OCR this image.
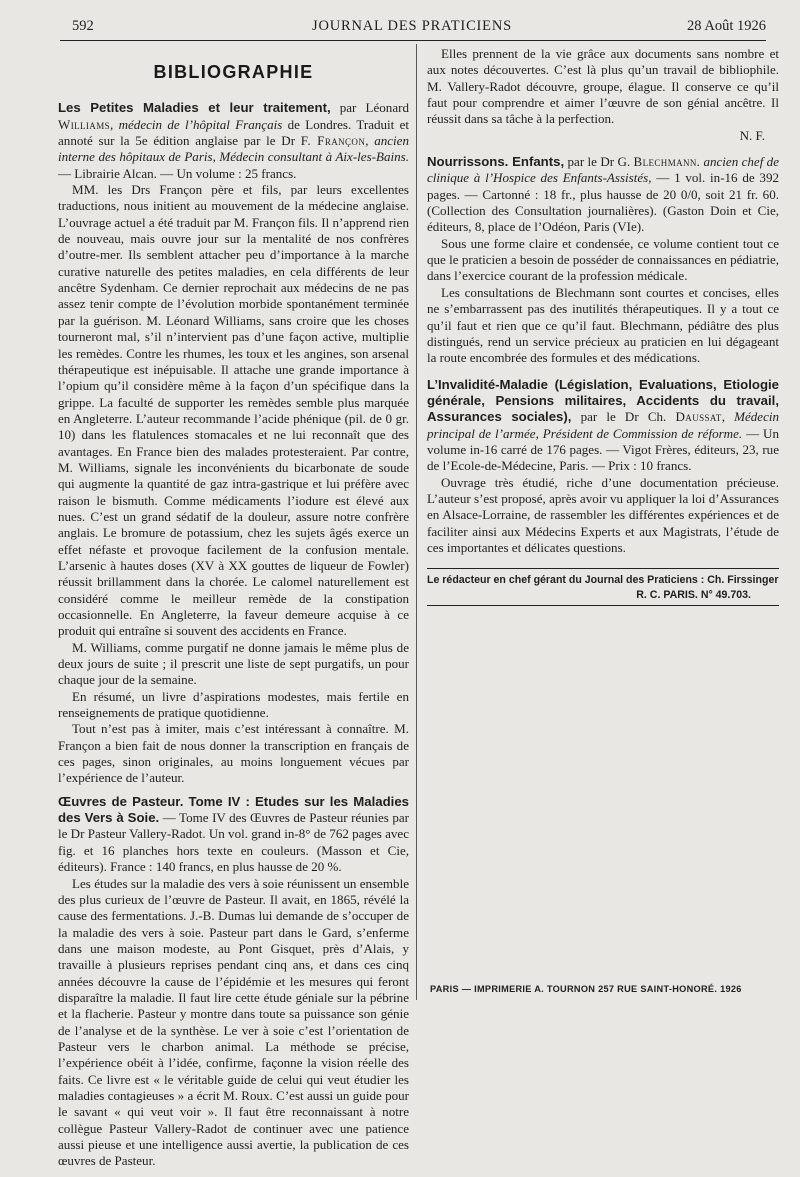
592	JOURNAL DES PRATICIENS	28 Août 1926
BIBLIOGRAPHIE

Les Petites Maladies et leur traitement, par Léonard Williams, médecin de l’hôpital Français de Londres. Traduit et annoté sur la 5e édition anglaise par le Dr F. Françon, ancien interne des hôpitaux de Paris, Médecin consultant à Aix-les-Bains. — Librairie Alcan. — Un volume : 25 francs.

MM. les Drs Françon père et fils, par leurs excellentes traductions, nous initient au mouvement de la médecine anglaise. L’ouvrage actuel a été traduit par M. Françon fils. Il n’apprend rien de nouveau, mais ouvre jour sur la mentalité de nos confrères d’outre-mer. Ils semblent attacher peu d’importance à la marche curative naturelle des petites maladies, en cela différents de leur ancêtre Sydenham. Ce dernier reprochait aux médecins de ne pas assez tenir compte de l’évolution morbide spontanément terminée par la guérison. M. Léonard Williams, sans croire que les choses tourneront mal, s’il n’intervient pas d’une façon active, multiplie les remèdes. Contre les rhumes, les toux et les angines, son arsenal thérapeutique est inépuisable. Il attache une grande importance à l’opium qu’il considère même à la façon d’un spécifique dans la grippe. La faculté de supporter les remèdes semble plus marquée en Angleterre. L’auteur recommande l’acide phénique (pil. de 0 gr. 10) dans les flatulences stomacales et ne lui reconnaît que des avantages. En France bien des malades protesteraient. Par contre, M. Williams, signale les inconvénients du bicarbonate de soude qui augmente la quantité de gaz intra-gastrique et lui préfère avec raison le bismuth. Comme médicaments l’iodure est élevé aux nues. C’est un grand sédatif de la douleur, assure notre confrère anglais. Le bromure de potassium, chez les sujets âgés exerce un effet néfaste et provoque facilement de la confusion mentale. L’arsenic à hautes doses (XV à XX gouttes de liqueur de Fowler) réussit brillamment dans la chorée. Le calomel naturellement est considéré comme le meilleur remède de la constipation occasionnelle. En Angleterre, la faveur demeure acquise à ce produit qui entraîne si souvent des accidents en France.

M. Williams, comme purgatif ne donne jamais le même plus de deux jours de suite ; il prescrit une liste de sept purgatifs, un pour chaque jour de la semaine.

En résumé, un livre d’aspirations modestes, mais fertile en renseignements de pratique quotidienne.

Tout n’est pas à imiter, mais c’est intéressant à connaître. M. Françon a bien fait de nous donner la transcription en français de ces pages, sinon originales, au moins longuement vécues par l’expérience de l’auteur.

Œuvres de Pasteur. Tome IV : Etudes sur les Maladies des Vers à Soie. — Tome IV des Œuvres de Pasteur réunies par le Dr Pasteur Vallery-Radot. Un vol. grand in-8° de 762 pages avec fig. et 16 planches hors texte en couleurs. (Masson et Cie, éditeurs). France : 140 francs, en plus hausse de 20 %.

Les études sur la maladie des vers à soie réunissent un ensemble des plus curieux de l’œuvre de Pasteur. Il avait, en 1865, révélé la cause des fermentations. J.-B. Dumas lui demande de s’occuper de la maladie des vers à soie. Pasteur part dans le Gard, s’enferme dans une maison modeste, au Pont Gisquet, près d’Alais, y travaille à plusieurs reprises pendant cinq ans, et dans ces cinq années découvre la cause de l’épidémie et les mesures qui feront disparaître la maladie. Il faut lire cette étude géniale sur la pébrine et la flacherie. Pasteur y montre dans toute sa puissance son génie de l’analyse et de la synthèse. Le ver à soie c’est l’orientation de Pasteur vers le charbon animal. La méthode se précise, l’expérience obéit à l’idée, confirme, façonne la vision réelle des faits. Ce livre est « le véritable guide de celui qui veut étudier les maladies contagieuses » a écrit M. Roux. C’est aussi un guide pour le savant « qui veut voir ». Il faut être reconnaissant à notre collègue Pasteur Vallery-Radot de continuer avec une patience aussi pieuse et une intelligence aussi avertie, la publication de ces œuvres de Pasteur.

Elles prennent de la vie grâce aux documents sans nombre et aux notes découvertes. C’est là plus qu’un travail de bibliophile. M. Vallery-Radot découvre, groupe, élague. Il conserve ce qu’il faut pour comprendre et aimer l’œuvre de son génial ancêtre. Il réussit dans sa tâche à la perfection.

N. F.

Nourrissons. Enfants, par le Dr G. Blechmann. ancien chef de clinique à l’Hospice des Enfants-Assistés, — 1 vol. in-16 de 392 pages. — Cartonné : 18 fr., plus hausse de 20 0/0, soit 21 fr. 60. (Collection des Consultation journalières). (Gaston Doin et Cie, éditeurs, 8, place de l’Odéon, Paris (VIe).

Sous une forme claire et condensée, ce volume contient tout ce que le praticien a besoin de posséder de connaissances en pédiatrie, dans l’exercice courant de la profession médicale.

Les consultations de Blechmann sont courtes et concises, elles ne s’embarrassent pas des inutilités thérapeutiques. Il y a tout ce qu’il faut et rien que ce qu’il faut. Blechmann, pédiâtre des plus distingués, rend un service précieux au praticien en lui dégageant la route encombrée des formules et des médications.

L’Invalidité-Maladie (Législation, Evaluations, Etiologie générale, Pensions militaires, Accidents du travail, Assurances sociales), par le Dr Ch. Daussat, Médecin principal de l’armée, Président de Commission de réforme. — Un volume in-16 carré de 176 pages. — Vigot Frères, éditeurs, 23, rue de l’Ecole-de-Médecine, Paris. — Prix : 10 francs.

Ouvrage très étudié, riche d’une documentation précieuse. L’auteur s’est proposé, après avoir vu appliquer la loi d’Assurances en Alsace-Lorraine, de rassembler les différentes expériences et de faciliter ainsi aux Médecins Experts et aux Magistrats, l’étude de ces importantes et délicates questions.

Le rédacteur en chef gérant du Journal des Praticiens : Ch. Firssinger
R. C. PARIS. N° 49.703.
PARIS — IMPRIMERIE A. TOURNON 257 RUE SAINT-HONORÉ. 1926
